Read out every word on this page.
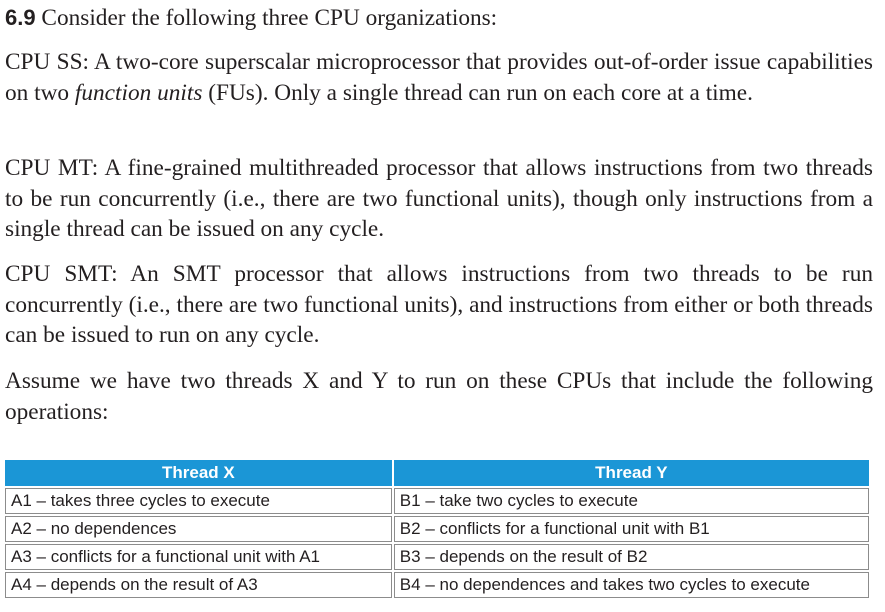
6.9 Consider the following three CPU organizations:

CPU SS: A two-core superscalar microprocessor that provides out-of-order issue capabilities on two function units (FUs). Only a single thread can run on each core at a time.

CPU MT: A fine-grained multithreaded processor that allows instructions from two threads to be run concurrently (i.e., there are two functional units), though only instructions from a single thread can be issued on any cycle.

CPU SMT: An SMT processor that allows instructions from two threads to be run concurrently (i.e., there are two functional units), and instructions from either or both threads can be issued to run on any cycle.

Assume we have two threads X and Y to run on these CPUs that include the following operations:

Thread X	Thread Y
A1 – takes three cycles to execute	B1 – take two cycles to execute
A2 – no dependences	B2 – conflicts for a functional unit with B1
A3 – conflicts for a functional unit with A1	B3 – depends on the result of B2
A4 – depends on the result of A3	B4 – no dependences and takes two cycles to execute
